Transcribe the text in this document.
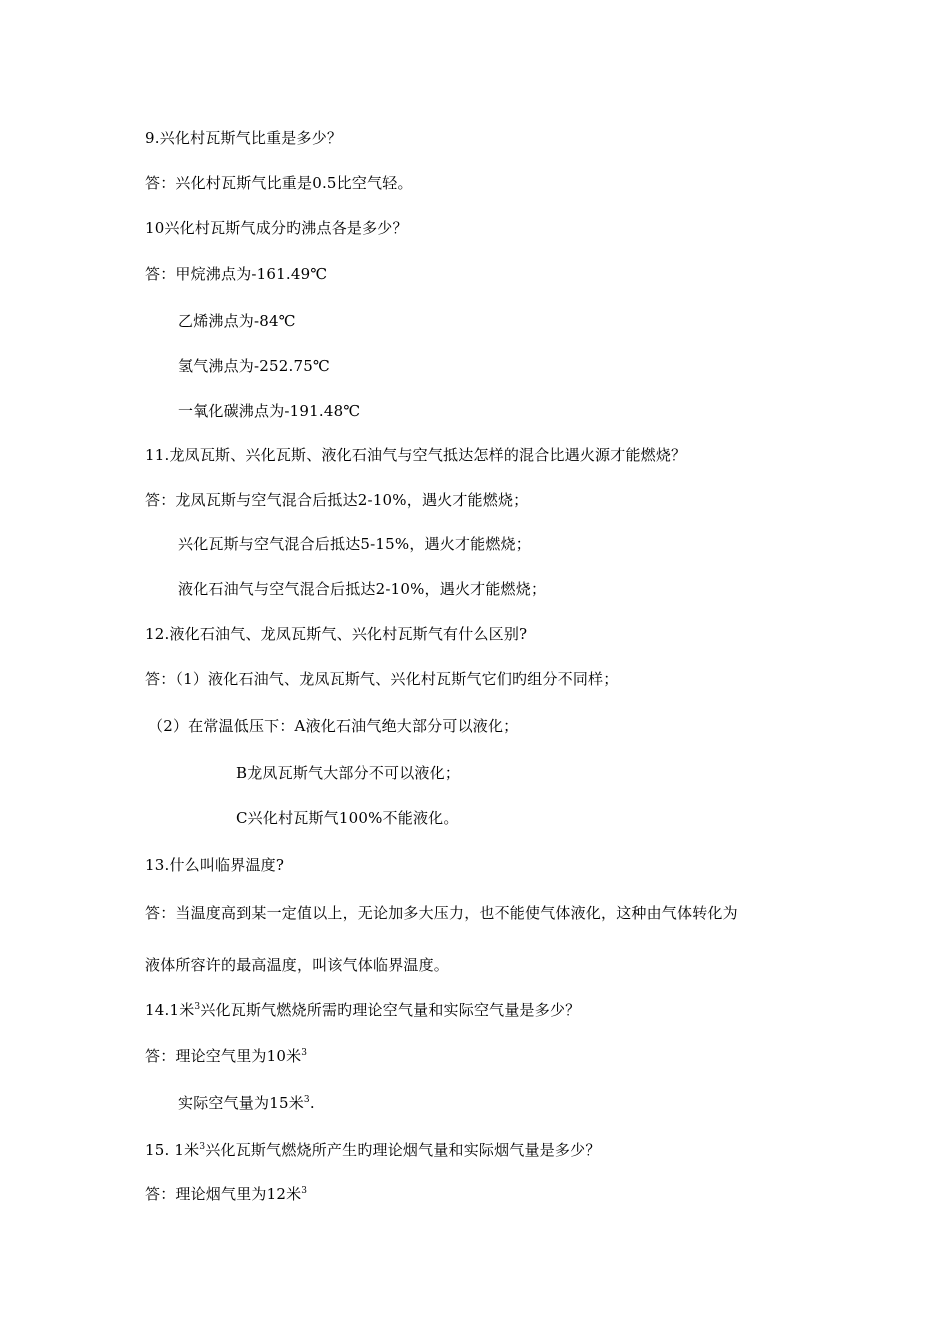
9.兴化村瓦斯气比重是多少？
答：兴化村瓦斯气比重是0.5比空气轻。
10兴化村瓦斯气成分旳沸点各是多少？
答：甲烷沸点为-161.49℃
乙烯沸点为-84℃
氢气沸点为-252.75℃
一氧化碳沸点为-191.48℃
11.龙凤瓦斯、兴化瓦斯、液化石油气与空气抵达怎样的混合比遇火源才能燃烧？
答：龙凤瓦斯与空气混合后抵达2-10%，遇火才能燃烧；
兴化瓦斯与空气混合后抵达5-15%，遇火才能燃烧；
液化石油气与空气混合后抵达2-10%，遇火才能燃烧；
12.液化石油气、龙凤瓦斯气、兴化村瓦斯气有什么区别?
答：（1）液化石油气、龙凤瓦斯气、兴化村瓦斯气它们旳组分不同样；
（2）在常温低压下：A液化石油气绝大部分可以液化；
B龙凤瓦斯气大部分不可以液化；
C兴化村瓦斯气100%不能液化。
13.什么叫临界温度?
答：当温度高到某一定值以上，无论加多大压力，也不能使气体液化，这种由气体转化为
液体所容许的最高温度，叫该气体临界温度。
14.1米$^3$兴化瓦斯气燃烧所需旳理论空气量和实际空气量是多少？
答：理论空气里为10米$^3$
实际空气量为15米$^3$.
15. 1米$^3$兴化瓦斯气燃烧所产生旳理论烟气量和实际烟气量是多少？
答：理论烟气里为12米$^3$
